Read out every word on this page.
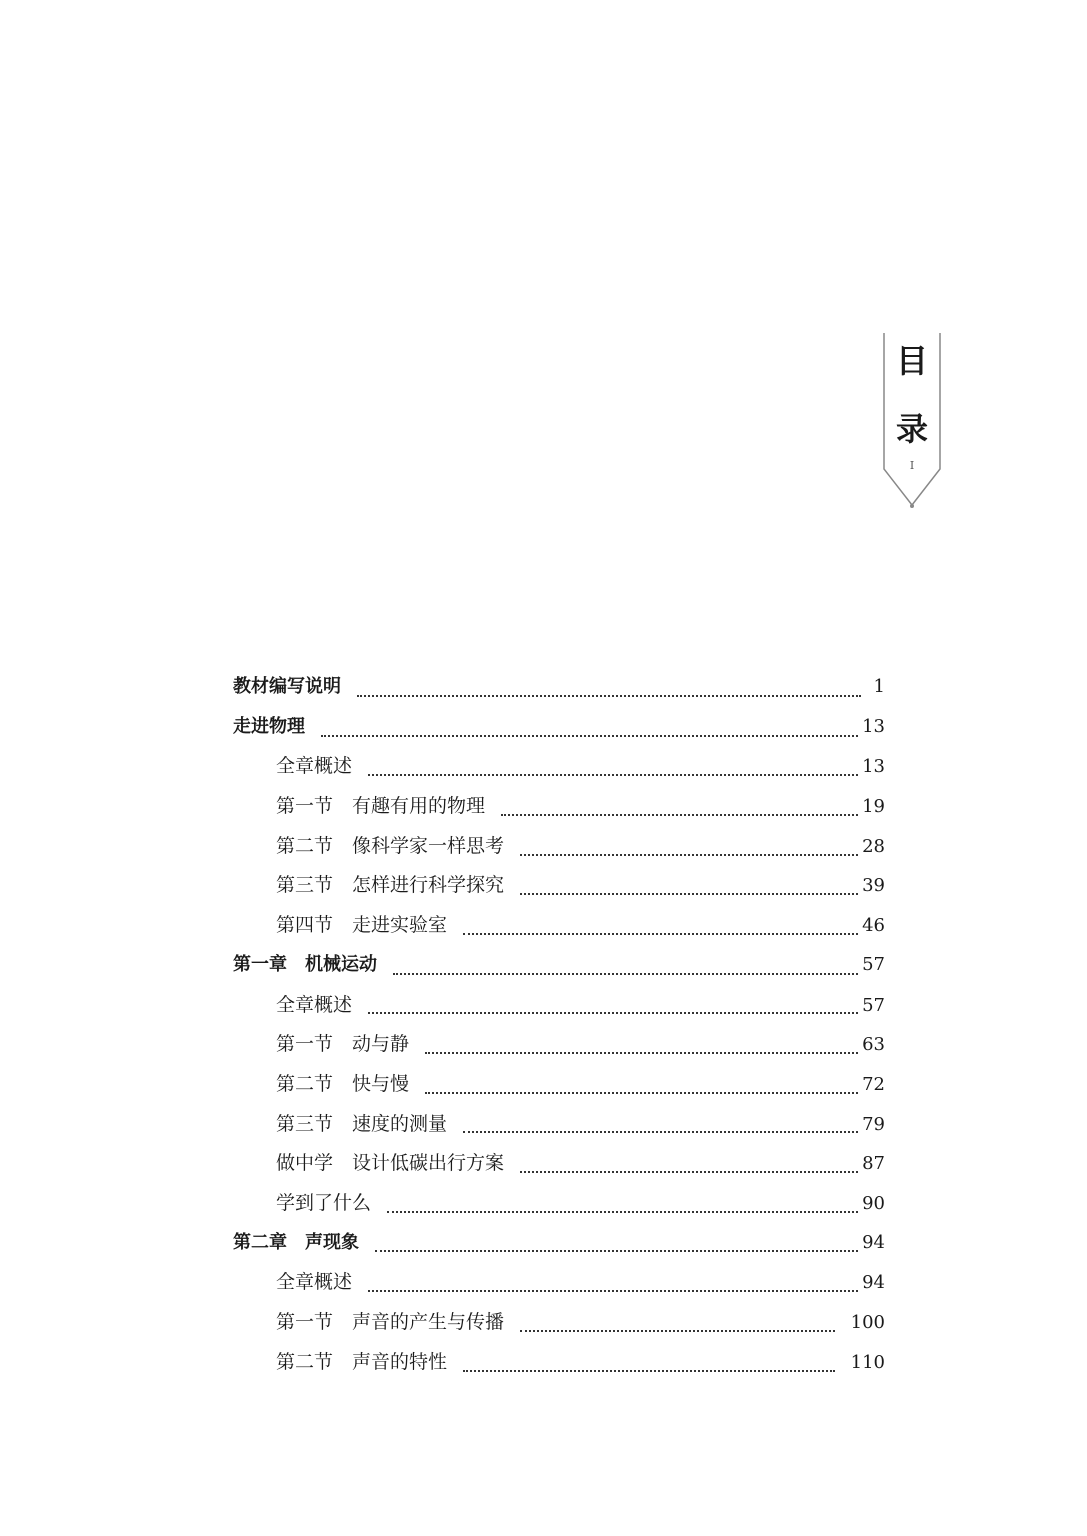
目
录
I
教材编写说明	1
走进物理	13
全章概述	13
第一节　有趣有用的物理	19
第二节　像科学家一样思考	28
第三节　怎样进行科学探究	39
第四节　走进实验室	46
第一章　机械运动	57
全章概述	57
第一节　动与静	63
第二节　快与慢	72
第三节　速度的测量	79
做中学　设计低碳出行方案	87
学到了什么	90
第二章　声现象	94
全章概述	94
第一节　声音的产生与传播	100
第二节　声音的特性	110
